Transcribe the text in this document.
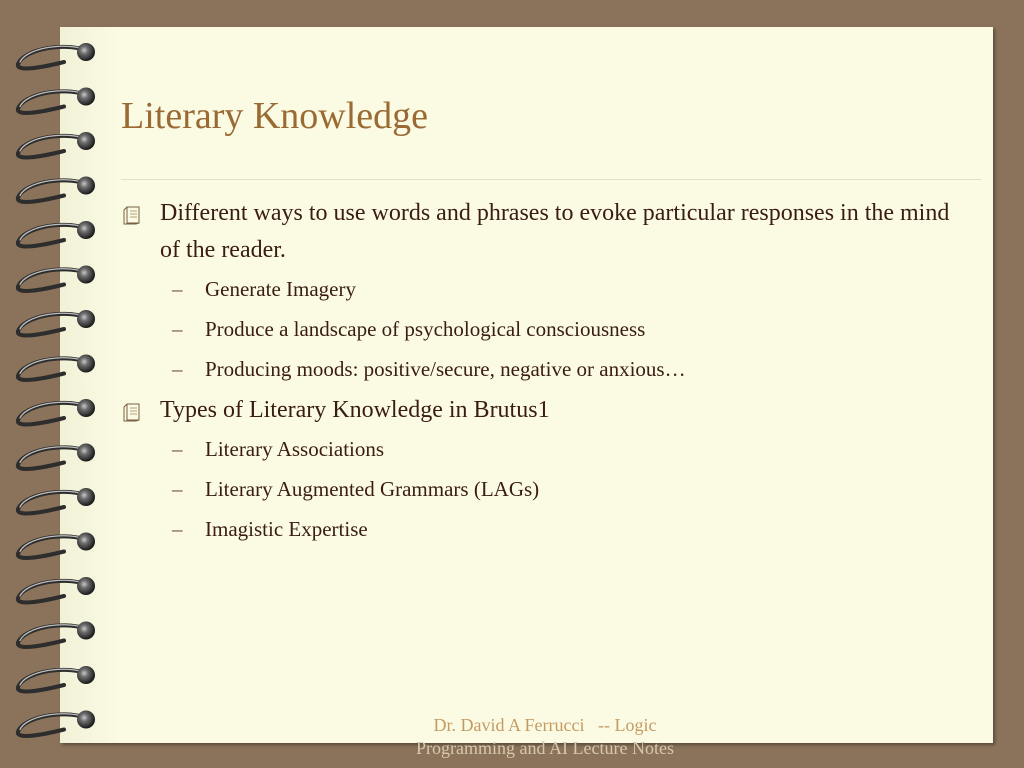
Literary Knowledge
Different ways to use words and phrases to evoke particular responses in the mind of the reader.
– Generate Imagery
– Produce a landscape of psychological consciousness
– Producing moods: positive/secure, negative or anxious…
Types of Literary Knowledge in Brutus1
– Literary Associations
– Literary Augmented Grammars (LAGs)
– Imagistic Expertise
Dr. David A Ferrucci   -- Logic
Programming and AI Lecture Notes
